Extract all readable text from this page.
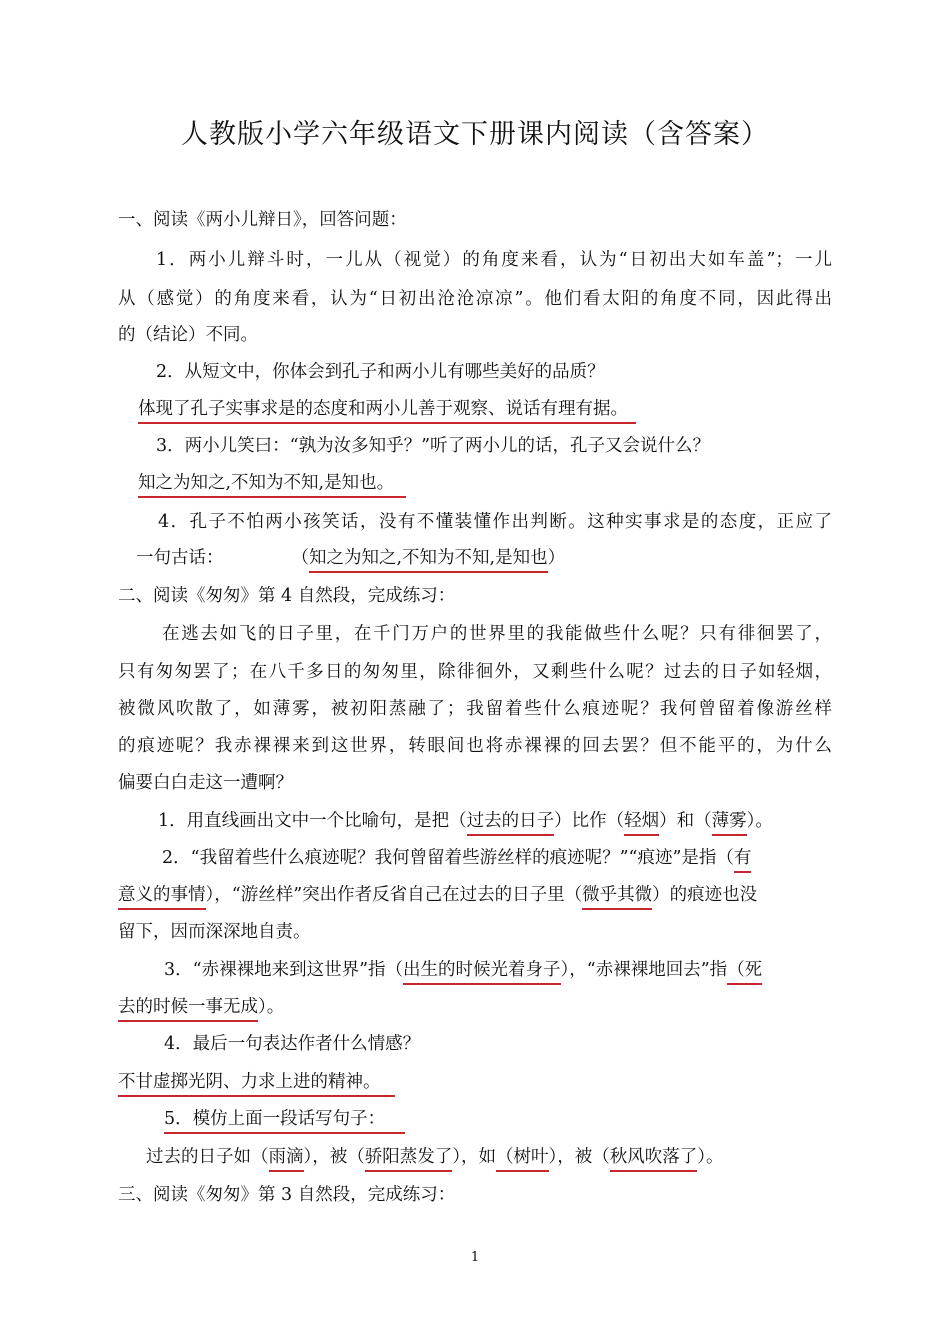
人教版小学六年级语文下册课内阅读（含答案）
一、阅读《两小儿辩日》，回答问题：
1．两小儿辩斗时，一儿从（视觉）的角度来看，认为“日初出大如车盖”；一儿
从（感觉）的角度来看，认为“日初出沧沧凉凉”。他们看太阳的角度不同，因此得出
的（结论）不同。
2．从短文中，你体会到孔子和两小儿有哪些美好的品质？
体现了孔子实事求是的态度和两小儿善于观察、说话有理有据。
3．两小儿笑曰：“孰为汝多知乎？”听了两小儿的话，孔子又会说什么？
知之为知之,不知为不知,是知也。
4．孔子不怕两小孩笑话，没有不懂装懂作出判断。这种实事求是的态度，正应了
一句古话：	（知之为知之,不知为不知,是知也）
二、阅读《匆匆》第 4 自然段，完成练习：
在逃去如飞的日子里，在千门万户的世界里的我能做些什么呢？只有徘徊罢了，
只有匆匆罢了；在八千多日的匆匆里，除徘徊外，又剩些什么呢？过去的日子如轻烟，
被微风吹散了，如薄雾，被初阳蒸融了；我留着些什么痕迹呢？我何曾留着像游丝样
的痕迹呢？我赤裸裸来到这世界，转眼间也将赤裸裸的回去罢？但不能平的，为什么
偏要白白走这一遭啊？
1．用直线画出文中一个比喻句，是把（过去的日子）比作（轻烟）和（薄雾）。
2．“我留着些什么痕迹呢？我何曾留着些游丝样的痕迹呢？”“痕迹”是指（有
意义的事情），“游丝样”突出作者反省自己在过去的日子里（微乎其微）的痕迹也没
留下，因而深深地自责。
3．“赤裸裸地来到这世界”指（出生的时候光着身子），“赤裸裸地回去”指（死
去的时候一事无成）。
4．最后一句表达作者什么情感？
不甘虚掷光阴、力求上进的精神。
5．模仿上面一段话写句子：
过去的日子如（雨滴），被（骄阳蒸发了），如（树叶），被（秋风吹落了）。
三、阅读《匆匆》第 3 自然段，完成练习：
1
